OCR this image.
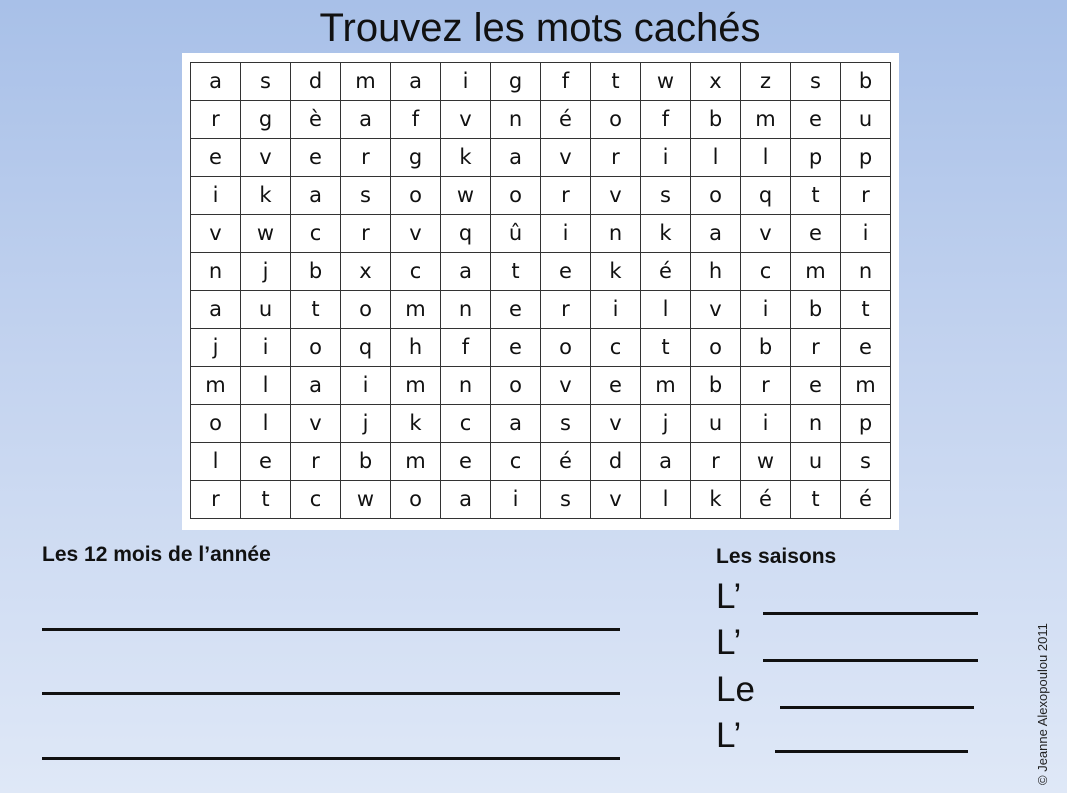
Trouvez les mots cachés
a	s	d	m	a	i	g	f	t	w	x	z	s	b
r	g	è	a	f	v	n	é	o	f	b	m	e	u
e	v	e	r	g	k	a	v	r	i	l	l	p	p
i	k	a	s	o	w	o	r	v	s	o	q	t	r
v	w	c	r	v	q	û	i	n	k	a	v	e	i
n	j	b	x	c	a	t	e	k	é	h	c	m	n
a	u	t	o	m	n	e	r	i	l	v	i	b	t
j	i	o	q	h	f	e	o	c	t	o	b	r	e
m	l	a	i	m	n	o	v	e	m	b	r	e	m
o	l	v	j	k	c	a	s	v	j	u	i	n	p
l	e	r	b	m	e	c	é	d	a	r	w	u	s
r	t	c	w	o	a	i	s	v	l	k	é	t	é
Les 12 mois de l’année	Les saisons
L’
L’
Le
L’	© Jeanne Alexopoulou 2011
